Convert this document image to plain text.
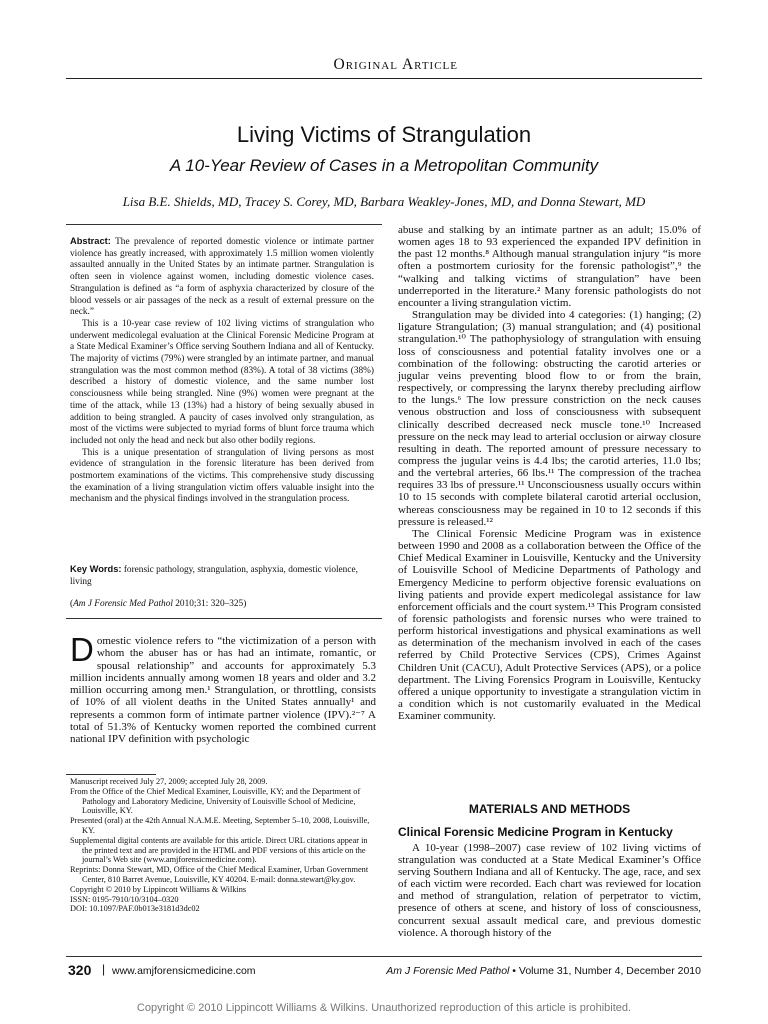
Original Article
Living Victims of Strangulation
A 10-Year Review of Cases in a Metropolitan Community
Lisa B.E. Shields, MD, Tracey S. Corey, MD, Barbara Weakley-Jones, MD, and Donna Stewart, MD

Abstract: The prevalence of reported domestic violence or intimate partner violence has greatly increased, with approximately 1.5 million women violently assaulted annually in the United States by an intimate partner. Strangulation is often seen in violence against women, including domestic violence cases. Strangulation is defined as “a form of asphyxia characterized by closure of the blood vessels or air passages of the neck as a result of external pressure on the neck.”

This is a 10-year case review of 102 living victims of strangulation who underwent medicolegal evaluation at the Clinical Forensic Medicine Program at a State Medical Examiner’s Office serving Southern Indiana and all of Kentucky. The majority of victims (79%) were strangled by an intimate partner, and manual strangulation was the most common method (83%). A total of 38 victims (38%) described a history of domestic violence, and the same number lost consciousness while being strangled. Nine (9%) women were pregnant at the time of the attack, while 13 (13%) had a history of being sexually abused in addition to being strangled. A paucity of cases involved only strangulation, as most of the victims were subjected to myriad forms of blunt force trauma which included not only the head and neck but also other bodily regions.

This is a unique presentation of strangulation of living persons as most evidence of strangulation in the forensic literature has been derived from postmortem examinations of the victims. This comprehensive study discussing the examination of a living strangulation victim offers valuable insight into the mechanism and the physical findings involved in the strangulation process.

Key Words: forensic pathology, strangulation, asphyxia, domestic violence, living
(Am J Forensic Med Pathol 2010;31: 320–325)
Domestic violence refers to “the victimization of a person with whom the abuser has or has had an intimate, romantic, or spousal relationship” and accounts for approximately 5.3 million incidents annually among women 18 years and older and 3.2 million occurring among men.¹ Strangulation, or throttling, consists of 10% of all violent deaths in the United States annually¹ and represents a common form of intimate partner violence (IPV).²⁻⁷ A total of 51.3% of Kentucky women reported the combined current national IPV definition with psychologic
Manuscript received July 27, 2009; accepted July 28, 2009.
From the Office of the Chief Medical Examiner, Louisville, KY; and the Department of Pathology and Laboratory Medicine, University of Louisville School of Medicine, Louisville, KY.
Presented (oral) at the 42th Annual N.A.M.E. Meeting, September 5–10, 2008, Louisville, KY.
Supplemental digital contents are available for this article. Direct URL citations appear in the printed text and are provided in the HTML and PDF versions of this article on the journal’s Web site (www.amjforensicmedicine.com).
Reprints: Donna Stewart, MD, Office of the Chief Medical Examiner, Urban Government Center, 810 Barret Avenue, Louisville, KY 40204. E-mail: donna.stewart@ky.gov.
Copyright © 2010 by Lippincott Williams & Wilkins
ISSN: 0195-7910/10/3104–0320
DOI: 10.1097/PAF.0b013e3181d3dc02

abuse and stalking by an intimate partner as an adult; 15.0% of women ages 18 to 93 experienced the expanded IPV definition in the past 12 months.⁸ Although manual strangulation injury “is more often a postmortem curiosity for the forensic pathologist”,⁹ the “walking and talking victims of strangulation” have been underreported in the literature.² Many forensic pathologists do not encounter a living strangulation victim.

Strangulation may be divided into 4 categories: (1) hanging; (2) ligature Strangulation; (3) manual strangulation; and (4) positional strangulation.¹⁰ The pathophysiology of strangulation with ensuing loss of consciousness and potential fatality involves one or a combination of the following: obstructing the carotid arteries or jugular veins preventing blood flow to or from the brain, respectively, or compressing the larynx thereby precluding airflow to the lungs.⁶ The low pressure constriction on the neck causes venous obstruction and loss of consciousness with subsequent clinically described decreased neck muscle tone.¹⁰ Increased pressure on the neck may lead to arterial occlusion or airway closure resulting in death. The reported amount of pressure necessary to compress the jugular veins is 4.4 lbs; the carotid arteries, 11.0 lbs; and the vertebral arteries, 66 lbs.¹¹ The compression of the trachea requires 33 lbs of pressure.¹¹ Unconsciousness usually occurs within 10 to 15 seconds with complete bilateral carotid arterial occlusion, whereas consciousness may be regained in 10 to 12 seconds if this pressure is released.¹²

The Clinical Forensic Medicine Program was in existence between 1990 and 2008 as a collaboration between the Office of the Chief Medical Examiner in Louisville, Kentucky and the University of Louisville School of Medicine Departments of Pathology and Emergency Medicine to perform objective forensic evaluations on living patients and provide expert medicolegal assistance for law enforcement officials and the court system.¹³ This Program consisted of forensic pathologists and forensic nurses who were trained to perform historical investigations and physical examinations as well as determination of the mechanism involved in each of the cases referred by Child Protective Services (CPS), Crimes Against Children Unit (CACU), Adult Protective Services (APS), or a police department. The Living Forensics Program in Louisville, Kentucky offered a unique opportunity to investigate a strangulation victim in a condition which is not customarily evaluated in the Medical Examiner community.

MATERIALS AND METHODS
Clinical Forensic Medicine Program in Kentucky
A 10-year (1998–2007) case review of 102 living victims of strangulation was conducted at a State Medical Examiner’s Office serving Southern Indiana and all of Kentucky. The age, race, and sex of each victim were recorded. Each chart was reviewed for location and method of strangulation, relation of perpetrator to victim, presence of others at scene, and history of loss of consciousness, concurrent sexual assault medical care, and previous domestic violence. A thorough history of the
320 | www.amjforensicmedicine.com	Am J Forensic Med Pathol • Volume 31, Number 4, December 2010
Copyright © 2010 Lippincott Williams & Wilkins. Unauthorized reproduction of this article is prohibited.
